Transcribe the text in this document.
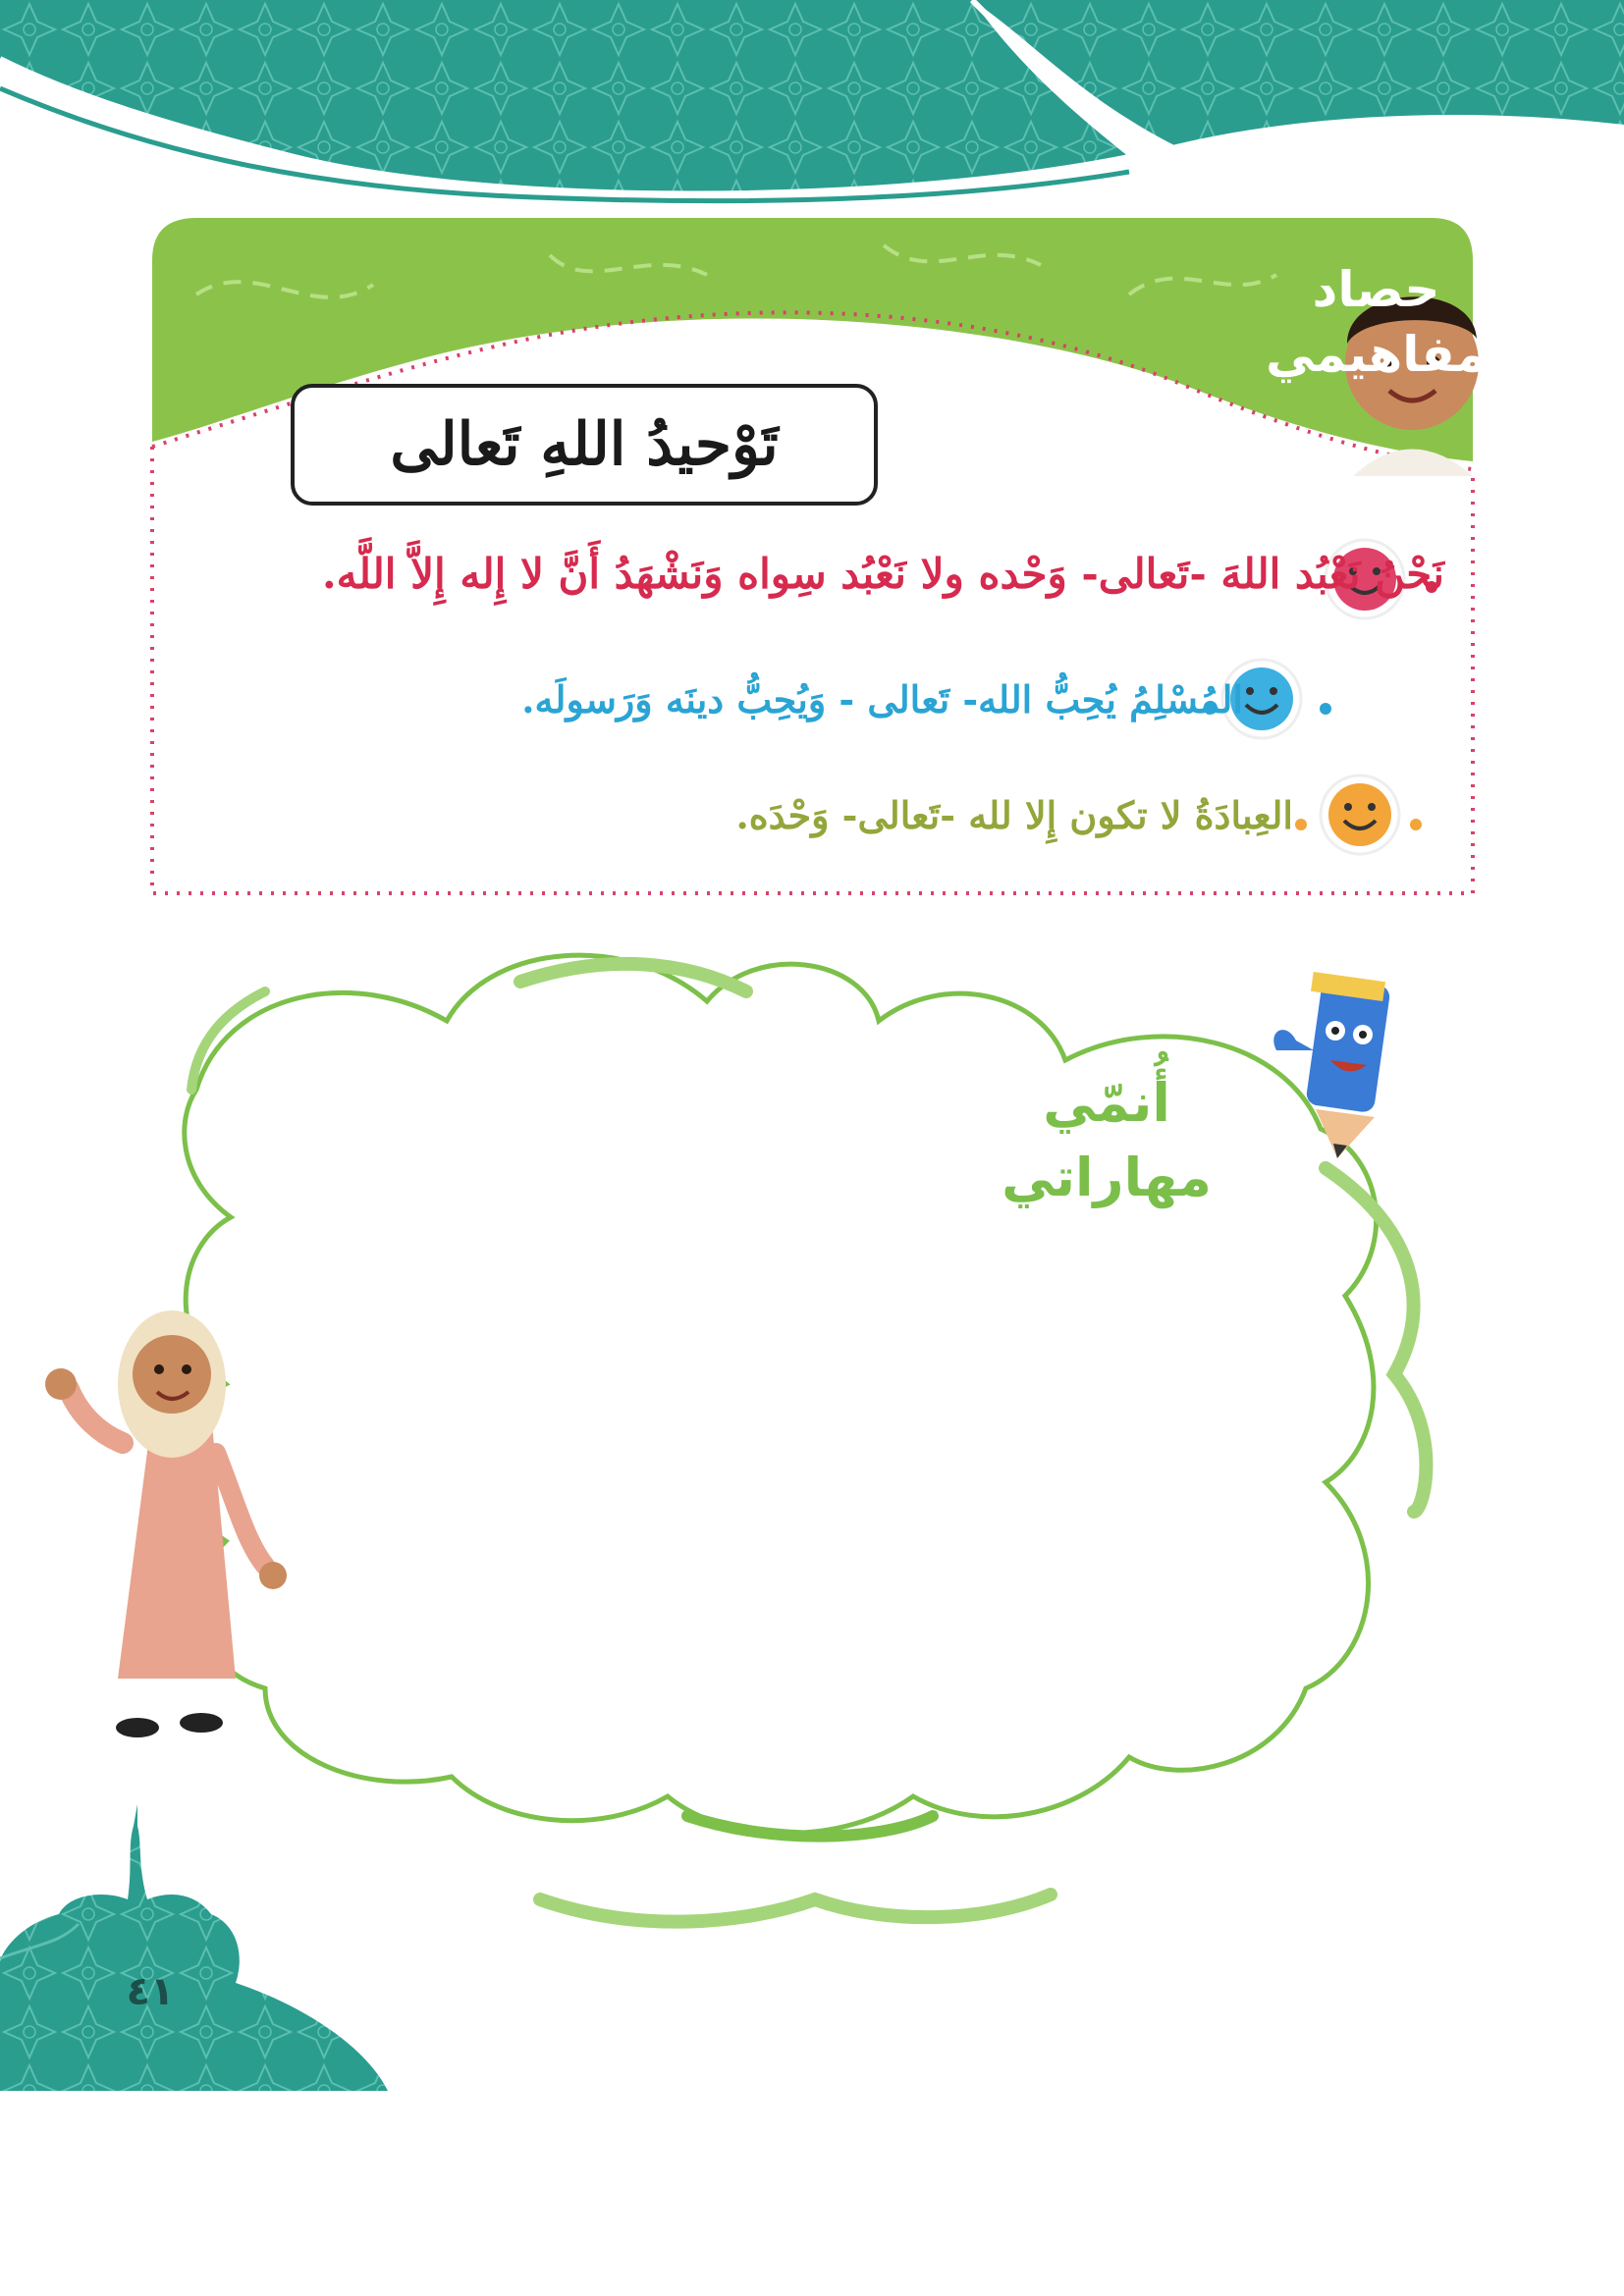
حصاد
مفاهيمي
تَوْحيدُ اللهِ تَعالى
نَحْنُ نَعْبُد اللهَ -تَعالى- وَحْده ولا نَعْبُد سِواه وَنَشْهَدُ أَنَّ لا إِله إِلاَّ اللَّه.
المُسْلِمُ يُحِبُّ الله- تَعالى - وَيُحِبُّ دينَه وَرَسولَه.
العِبادَةُ لا تكون إِلا لله -تَعالى- وَحْدَه.
أُنمّي
مهاراتي
٤١
